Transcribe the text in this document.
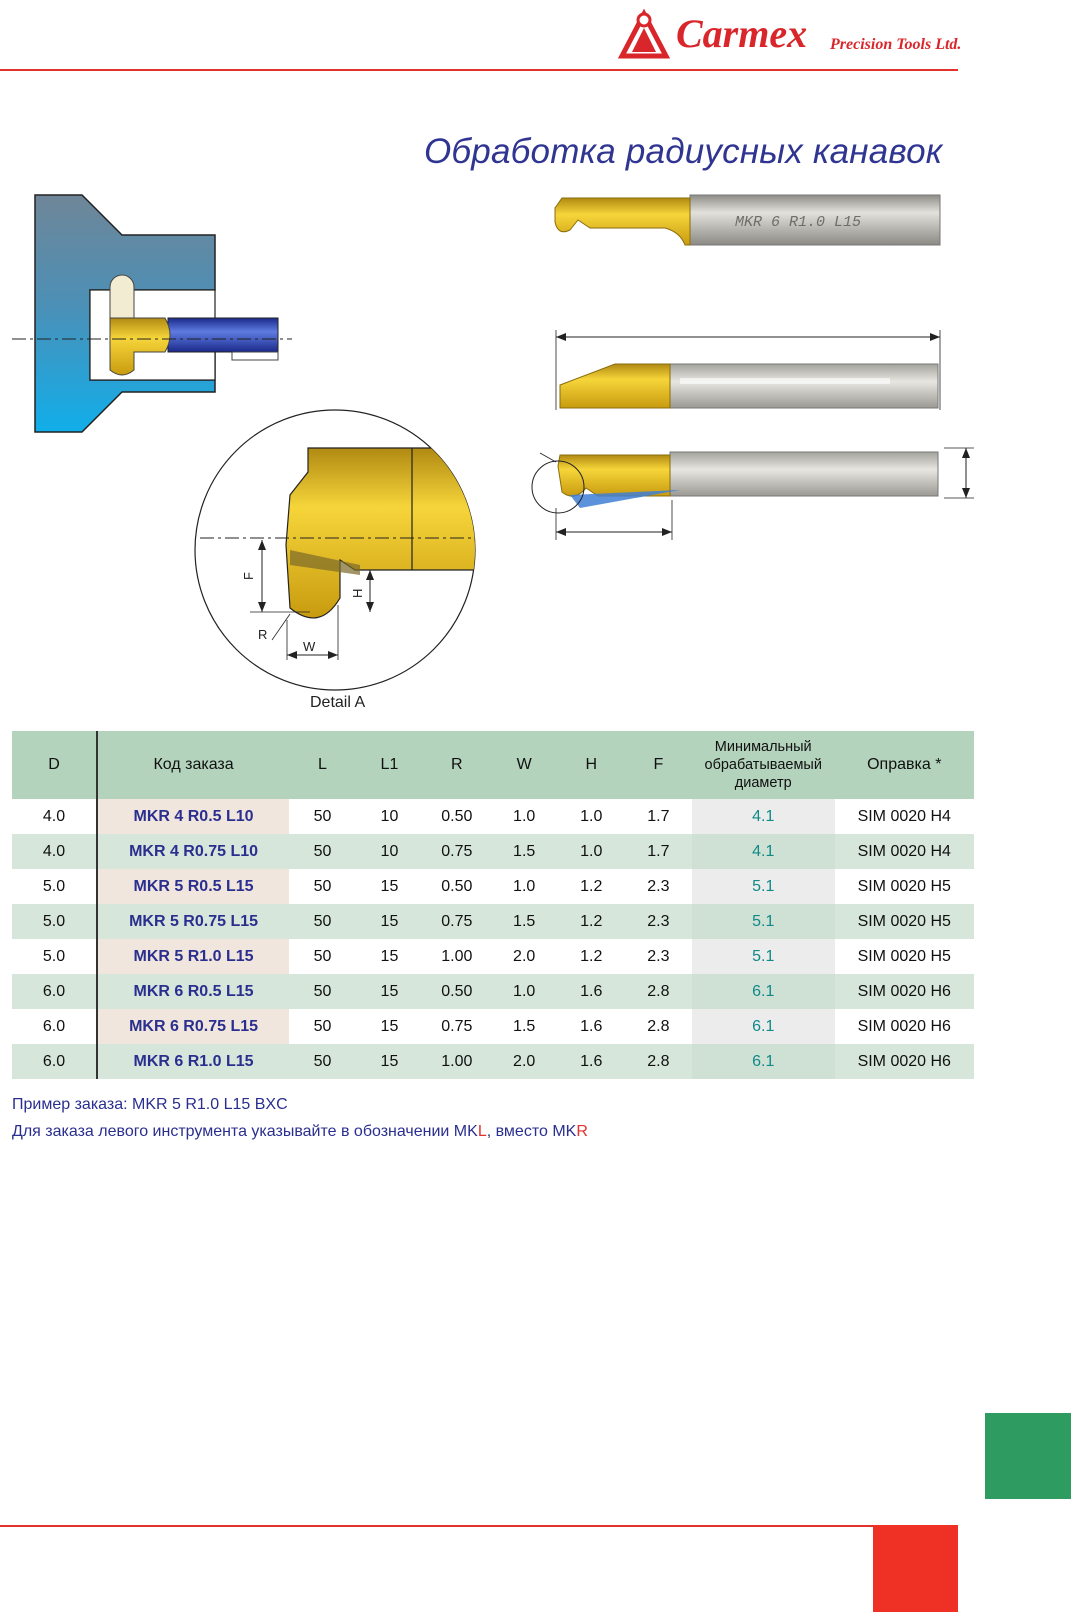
Carmex Precision Tools Ltd.
Обработка радиусных канавок
MKR 6 R1.0 L15
F
H
W
R
Detail A
D	Код заказа	L	L1	R	W	H	F	Минимальный
обрабатываемый
диаметр	Оправка *
4.0	MKR 4 R0.5 L10	50	10	0.50	1.0	1.0	1.7	4.1	SIM 0020 H4
4.0	MKR 4 R0.75 L10	50	10	0.75	1.5	1.0	1.7	4.1	SIM 0020 H4
5.0	MKR 5 R0.5 L15	50	15	0.50	1.0	1.2	2.3	5.1	SIM 0020 H5
5.0	MKR 5 R0.75 L15	50	15	0.75	1.5	1.2	2.3	5.1	SIM 0020 H5
5.0	MKR 5 R1.0 L15	50	15	1.00	2.0	1.2	2.3	5.1	SIM 0020 H5
6.0	MKR 6 R0.5 L15	50	15	0.50	1.0	1.6	2.8	6.1	SIM 0020 H6
6.0	MKR 6 R0.75 L15	50	15	0.75	1.5	1.6	2.8	6.1	SIM 0020 H6
6.0	MKR 6 R1.0 L15	50	15	1.00	2.0	1.6	2.8	6.1	SIM 0020 H6
Пример заказа: MKR 5 R1.0 L15 BXC
Для заказа левого инструмента указывайте в обозначении MKL, вместо MKR
